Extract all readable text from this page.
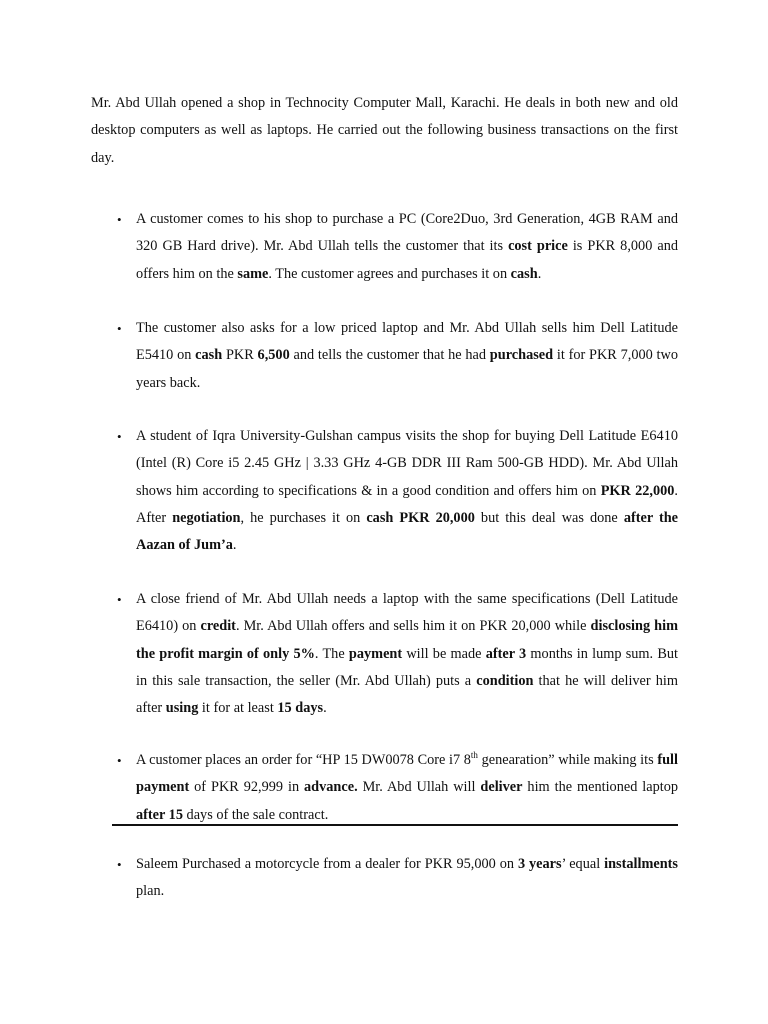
Mr. Abd Ullah opened a shop in Technocity Computer Mall, Karachi. He deals in both new and old desktop computers as well as laptops. He carried out the following business transactions on the first day.

•	A customer comes to his shop to purchase a PC (Core2Duo, 3rd Generation, 4GB RAM and 320 GB Hard drive). Mr. Abd Ullah tells the customer that its cost price is PKR 8,000 and offers him on the same. The customer agrees and purchases it on cash.

•	The customer also asks for a low priced laptop and Mr. Abd Ullah sells him Dell Latitude E5410 on cash PKR 6,500 and tells the customer that he had purchased it for PKR 7,000 two years back.

•	A student of Iqra University-Gulshan campus visits the shop for buying Dell Latitude E6410 (Intel (R) Core i5 2.45 GHz | 3.33 GHz 4-GB DDR III Ram 500-GB HDD). Mr. Abd Ullah shows him according to specifications & in a good condition and offers him on PKR 22,000. After negotiation, he purchases it on cash PKR 20,000 but this deal was done after the Aazan of Jum’a.

•	A close friend of Mr. Abd Ullah needs a laptop with the same specifications (Dell Latitude E6410) on credit. Mr. Abd Ullah offers and sells him it on PKR 20,000 while disclosing him the profit margin of only 5%. The payment will be made after 3 months in lump sum. But in this sale transaction, the seller (Mr. Abd Ullah) puts a condition that he will deliver him after using it for at least 15 days.

•	A customer places an order for “HP 15 DW0078 Core i7 8th genearation” while making its full payment of PKR 92,999 in advance. Mr. Abd Ullah will deliver him the mentioned laptop after 15 days of the sale contract.

•	Saleem Purchased a motorcycle from a dealer for PKR 95,000 on 3 years’ equal installments plan.
